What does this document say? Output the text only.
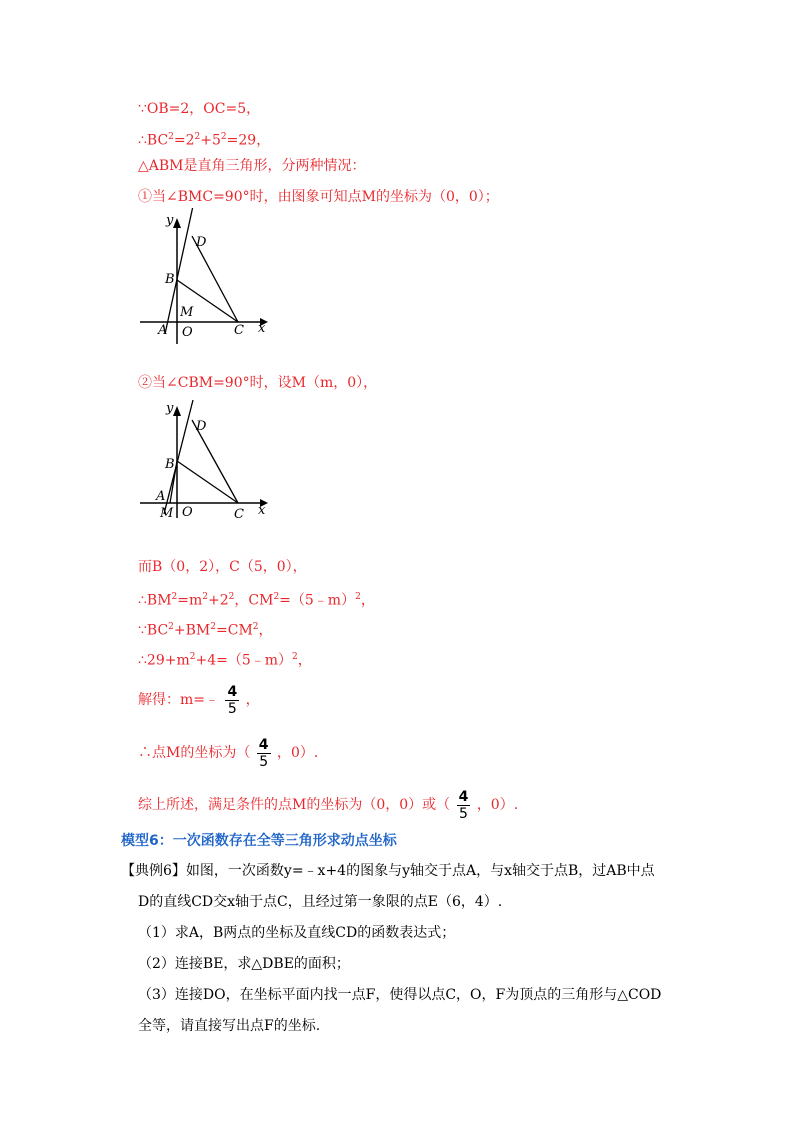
∵OB=2，OC=5，
$\therefore BC^2=2^2+5^2=29$，
△ABM是直角三角形，分两种情况：
①当∠BMC=90°时，由图象可知点M的坐标为（0，0）；
y
D
B
M
A O	C x
②当∠CBM=90°时，设M（m，0），
y
D
B
A
M O	C x
而B（0，2），C（5，0），
$\therefore BM^2=m^2+2^2$，$CM^2=(5﹣m)^2$，
$\because BC^2+BM^2=CM^2$，
$\therefore 29+m^2+4=(5﹣m)^2$，
解得：m=﹣ $\frac{4}{5}$ ，
∴点M的坐标为（ $\frac{4}{5}$ ，0）.
综上所述，满足条件的点M的坐标为（0，0）或（ $\frac{4}{5}$ ，0）.
模型6：一次函数存在全等三角形求动点坐标
【典例6】如图，一次函数y=﹣x+4的图象与y轴交于点A，与x轴交于点B，过AB中点
D的直线CD交x轴于点C，且经过第一象限的点E（6，4）.
（1）求A，B两点的坐标及直线CD的函数表达式；
（2）连接BE，求△DBE的面积；
（3）连接DO，在坐标平面内找一点F，使得以点C，O，F为顶点的三角形与△COD
全等，请直接写出点F的坐标.
